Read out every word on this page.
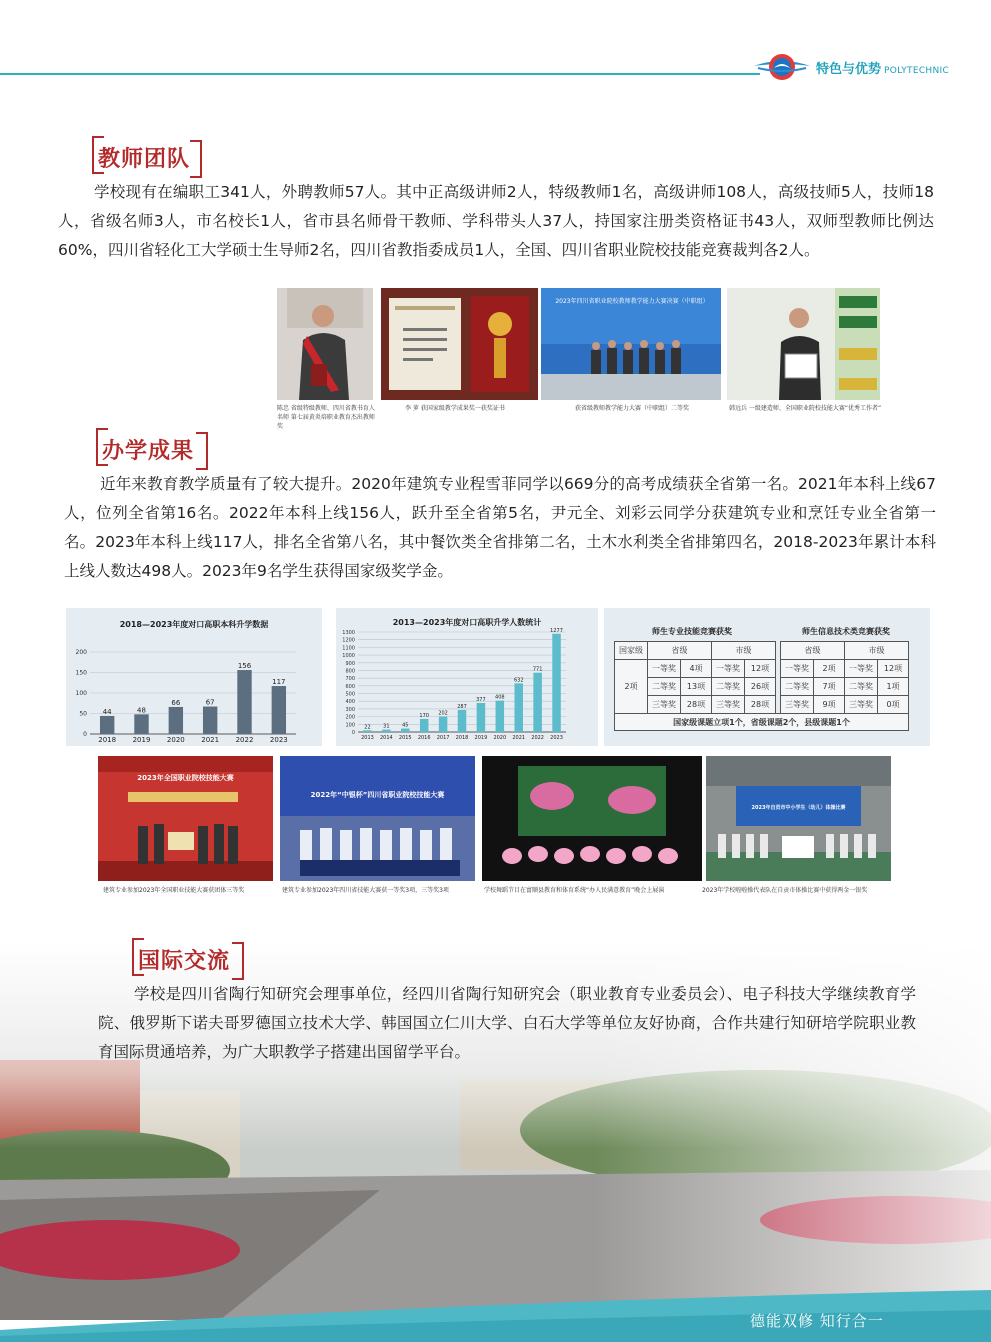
特色与优势 POLYTECHNIC
教师团队
学校现有在编职工341人，外聘教师57人。其中正高级讲师2人，特级教师1名，高级讲师108人，高级技师5人，技师18人，省级名师3人，市名校长1人，省市县名师骨干教师、学科带头人37人，持国家注册类资格证书43人，双师型教师比例达60%，四川省轻化工大学硕士生导师2名，四川省教指委成员1人，全国、四川省职业院校技能竞赛裁判各2人。
2023年四川省职业院校教师教学能力大赛决赛（中职组）
陈忠 省级特级教师、四川省教书育人名师 第七届黄炎培职业教育杰出教师奖
李 萝 获国家级教学成果奖一获奖证书	获省级教师教学能力大赛（中职组）二等奖	韩远兵 一级建造师、全国职业院校技能大赛“优秀工作者”
办学成果
近年来教育教学质量有了较大提升。2020年建筑专业程雪菲同学以669分的高考成绩获全省第一名。2021年本科上线67人，位列全省第16名。2022年本科上线156人，跃升至全省第5名，尹元全、刘彩云同学分获建筑专业和烹饪专业全省第一名。2023年本科上线117人，排名全省第八名，其中餐饮类全省排第二名，土木水利类全省排第四名，2018-2023年累计本科上线人数达498人。2023年9名学生获得国家级奖学金。
2018—2023年度对口高职本科升学数据
0
50
100
150
200
44
2018
48
2019
66
2020
67
2021
156
2022
117
2023
2013—2023年度对口高职升学人数统计
0
100
200
300
400
500
600
700
800
900
1000
1100
1200
1300
22
2013
31
2014
45
2015
170
2016
202
2017
287
2018
377
2019
408
2020
632
2021
771
2022
1277
2023
师生专业技能竞赛获奖	师生信息技术类竞赛获奖
国家级	省级		市级			省级		市级	
2项	一等奖	4项	一等奖	12项		一等奖	2项	一等奖	12项
	二等奖	13项	二等奖	26项		二等奖	7项	二等奖	1项
	三等奖	28项	三等奖	28项		三等奖	9项	三等奖	0项
国家级课题立项1个，省级课题2个，县级课题1个									
2023年全国职业院校技能大赛
2022年“中银杯”四川省职业院校技能大赛
2023年自贡市中小学生（幼儿）体操比赛
建筑专业参加2023年全国职业技能大赛获团体三等奖	建筑专业参加2023年四川省技能大赛获一等奖3项，三等奖3项	学校舞蹈节目在富顺县教育和体育系统“办人民满意教育”晚会上展演	2023年学校啦啦操代表队在自贡市体操比赛中获得两金一银奖
国际交流
学校是四川省陶行知研究会理事单位，经四川省陶行知研究会（职业教育专业委员会）、电子科技大学继续教育学院、俄罗斯下诺夫哥罗德国立技术大学、韩国国立仁川大学、白石大学等单位友好协商，合作共建行知研培学院职业教育国际贯通培养，为广大职教学子搭建出国留学平台。
德能双修 知行合一
